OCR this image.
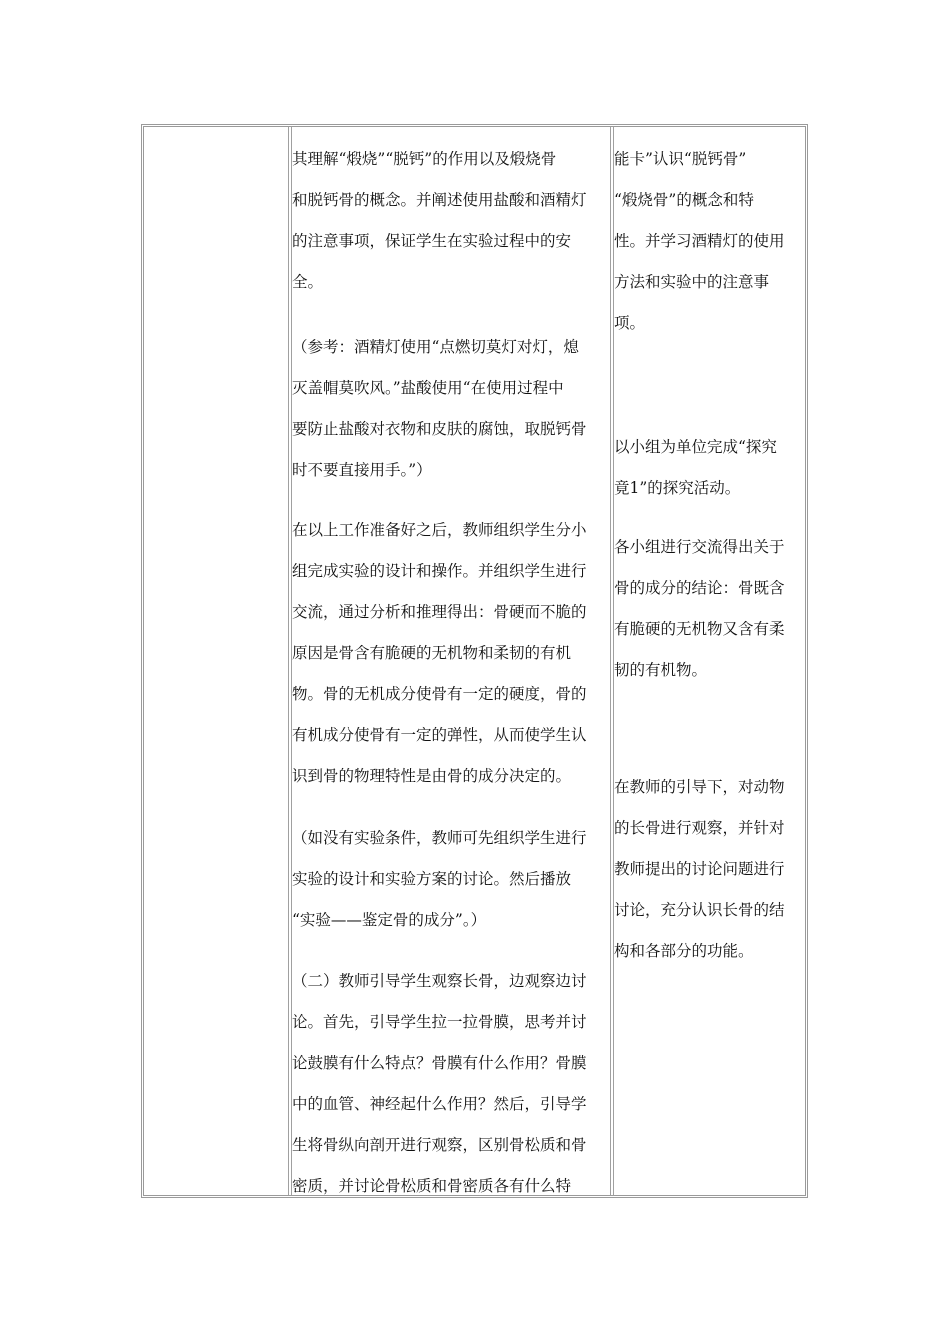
其理解“煅烧”“脱钙”的作用以及煅烧骨
和脱钙骨的概念。并阐述使用盐酸和酒精灯
的注意事项，保证学生在实验过程中的安
全。
（参考：酒精灯使用“点燃切莫灯对灯，熄
灭盖帽莫吹风。”盐酸使用“在使用过程中
要防止盐酸对衣物和皮肤的腐蚀，取脱钙骨
时不要直接用手。”）
在以上工作准备好之后，教师组织学生分小
组完成实验的设计和操作。并组织学生进行
交流，通过分析和推理得出：骨硬而不脆的
原因是骨含有脆硬的无机物和柔韧的有机
物。骨的无机成分使骨有一定的硬度，骨的
有机成分使骨有一定的弹性，从而使学生认
识到骨的物理特性是由骨的成分决定的。
（如没有实验条件，教师可先组织学生进行
实验的设计和实验方案的讨论。然后播放
“实验——鉴定骨的成分”。）
（二）教师引导学生观察长骨，边观察边讨
论。首先，引导学生拉一拉骨膜，思考并讨
论鼓膜有什么特点？骨膜有什么作用？骨膜
中的血管、神经起什么作用？然后，引导学
生将骨纵向剖开进行观察，区别骨松质和骨
密质，并讨论骨松质和骨密质各有什么特
能卡”认识“脱钙骨”
“煅烧骨”的概念和特
性。并学习酒精灯的使用
方法和实验中的注意事
项。
以小组为单位完成“探究
竟1”的探究活动。
各小组进行交流得出关于
骨的成分的结论：骨既含
有脆硬的无机物又含有柔
韧的有机物。
在教师的引导下，对动物
的长骨进行观察，并针对
教师提出的讨论问题进行
讨论，充分认识长骨的结
构和各部分的功能。
